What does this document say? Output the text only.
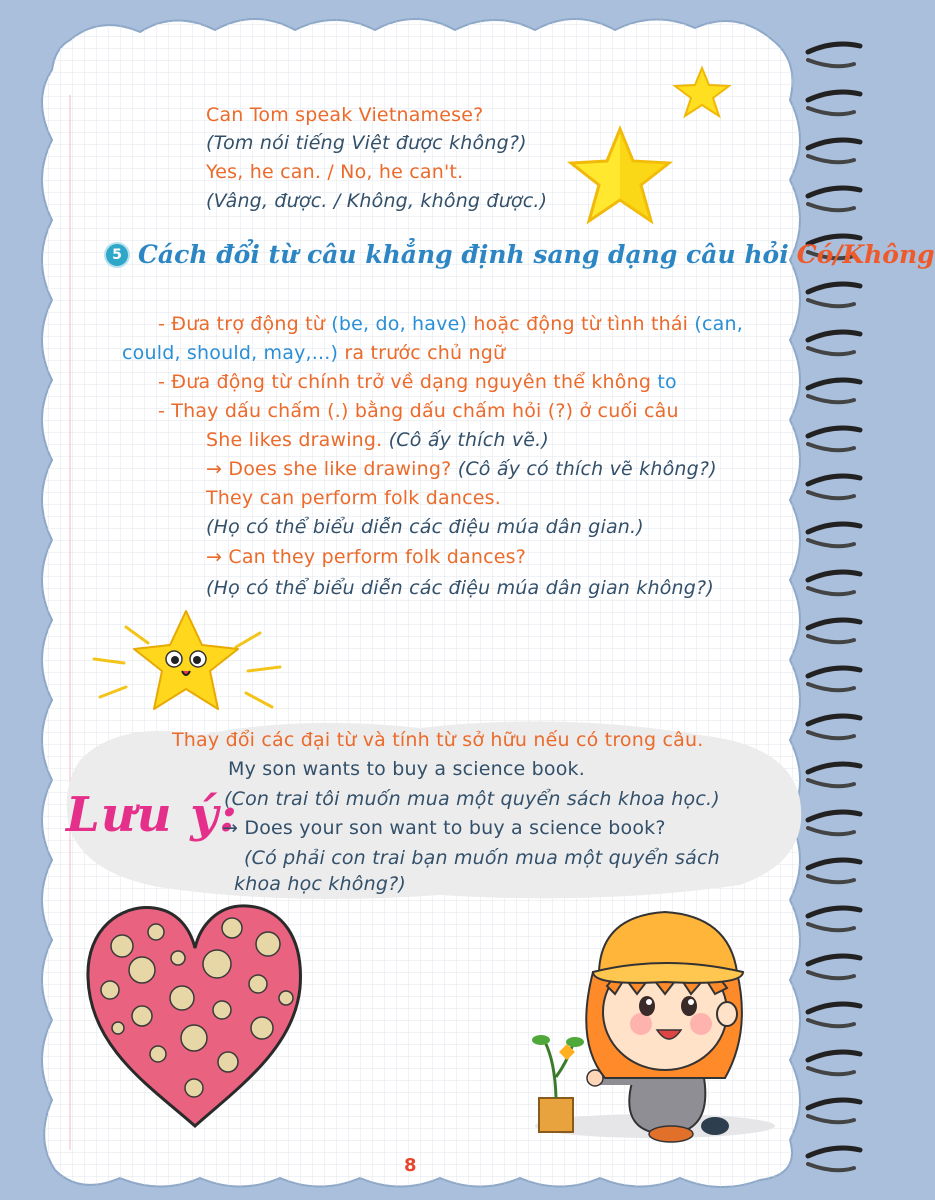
Can Tom speak Vietnamese?
(Tom nói tiếng Việt được không?)
Yes, he can. / No, he can't.
(Vâng, được. / Không, không được.)
5 Cách đổi từ câu khẳng định sang dạng câu hỏi Có/Không
- Đưa trợ động từ (be, do, have) hoặc động từ tình thái (can,
could, should, may,...) ra trước chủ ngữ
- Đưa động từ chính trở về dạng nguyên thể không to
- Thay dấu chấm (.) bằng dấu chấm hỏi (?) ở cuối câu
She likes drawing. (Cô ấy thích vẽ.)
→ Does she like drawing? (Cô ấy có thích vẽ không?)
They can perform folk dances.
(Họ có thể biểu diễn các điệu múa dân gian.)
→ Can they perform folk dances?
(Họ có thể biểu diễn các điệu múa dân gian không?)
Lưu ý:
Thay đổi các đại từ và tính từ sở hữu nếu có trong câu.
My son wants to buy a science book.
(Con trai tôi muốn mua một quyển sách khoa học.)
→ Does your son want to buy a science book?
(Có phải con trai bạn muốn mua một quyển sách
khoa học không?)
8
